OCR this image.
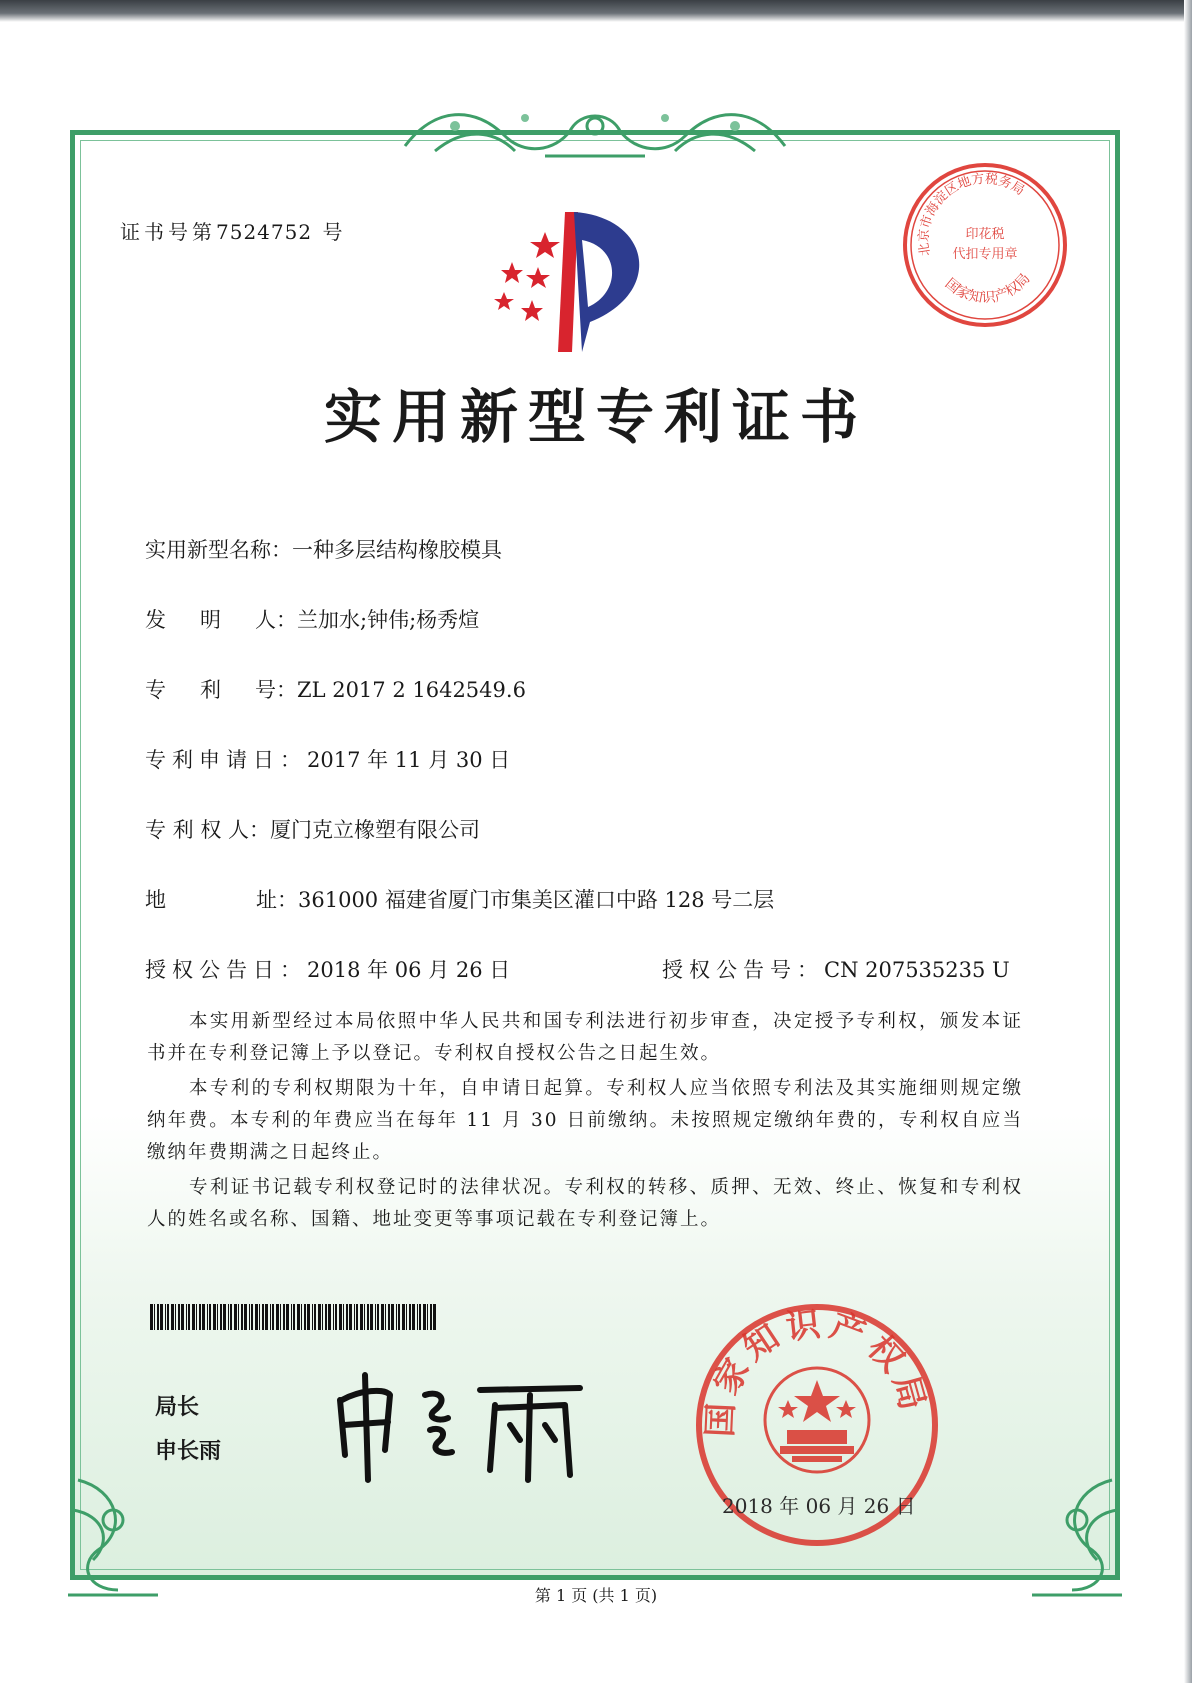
证书号第7524752 号
北京市海淀区地方税务局
印花税
代扣专用章
国家知识产权局
实用新型专利证书
实用新型名称：一种多层结构橡胶模具
发明人：兰加水;钟伟;杨秀煊
专利号：ZL 2017 2 1642549.6
专利申请日：2017 年 11 月 30 日
专 利 权 人：厦门克立橡塑有限公司
地址：361000 福建省厦门市集美区灌口中路 128 号二层
授权公告日：2018 年 06 月 26 日	授权公告号：CN 207535235 U
本实用新型经过本局依照中华人民共和国专利法进行初步审查，决定授予专利权，颁发本证书并在专利登记簿上予以登记。专利权自授权公告之日起生效。
本专利的专利权期限为十年，自申请日起算。专利权人应当依照专利法及其实施细则规定缴纳年费。本专利的年费应当在每年 11 月 30 日前缴纳。未按照规定缴纳年费的，专利权自应当缴纳年费期满之日起终止。
专利证书记载专利权登记时的法律状况。专利权的转移、质押、无效、终止、恢复和专利权人的姓名或名称、国籍、地址变更等事项记载在专利登记簿上。
局长
申长雨
国家知识产权局
2018 年 06 月 26 日
第 1 页 (共 1 页)
